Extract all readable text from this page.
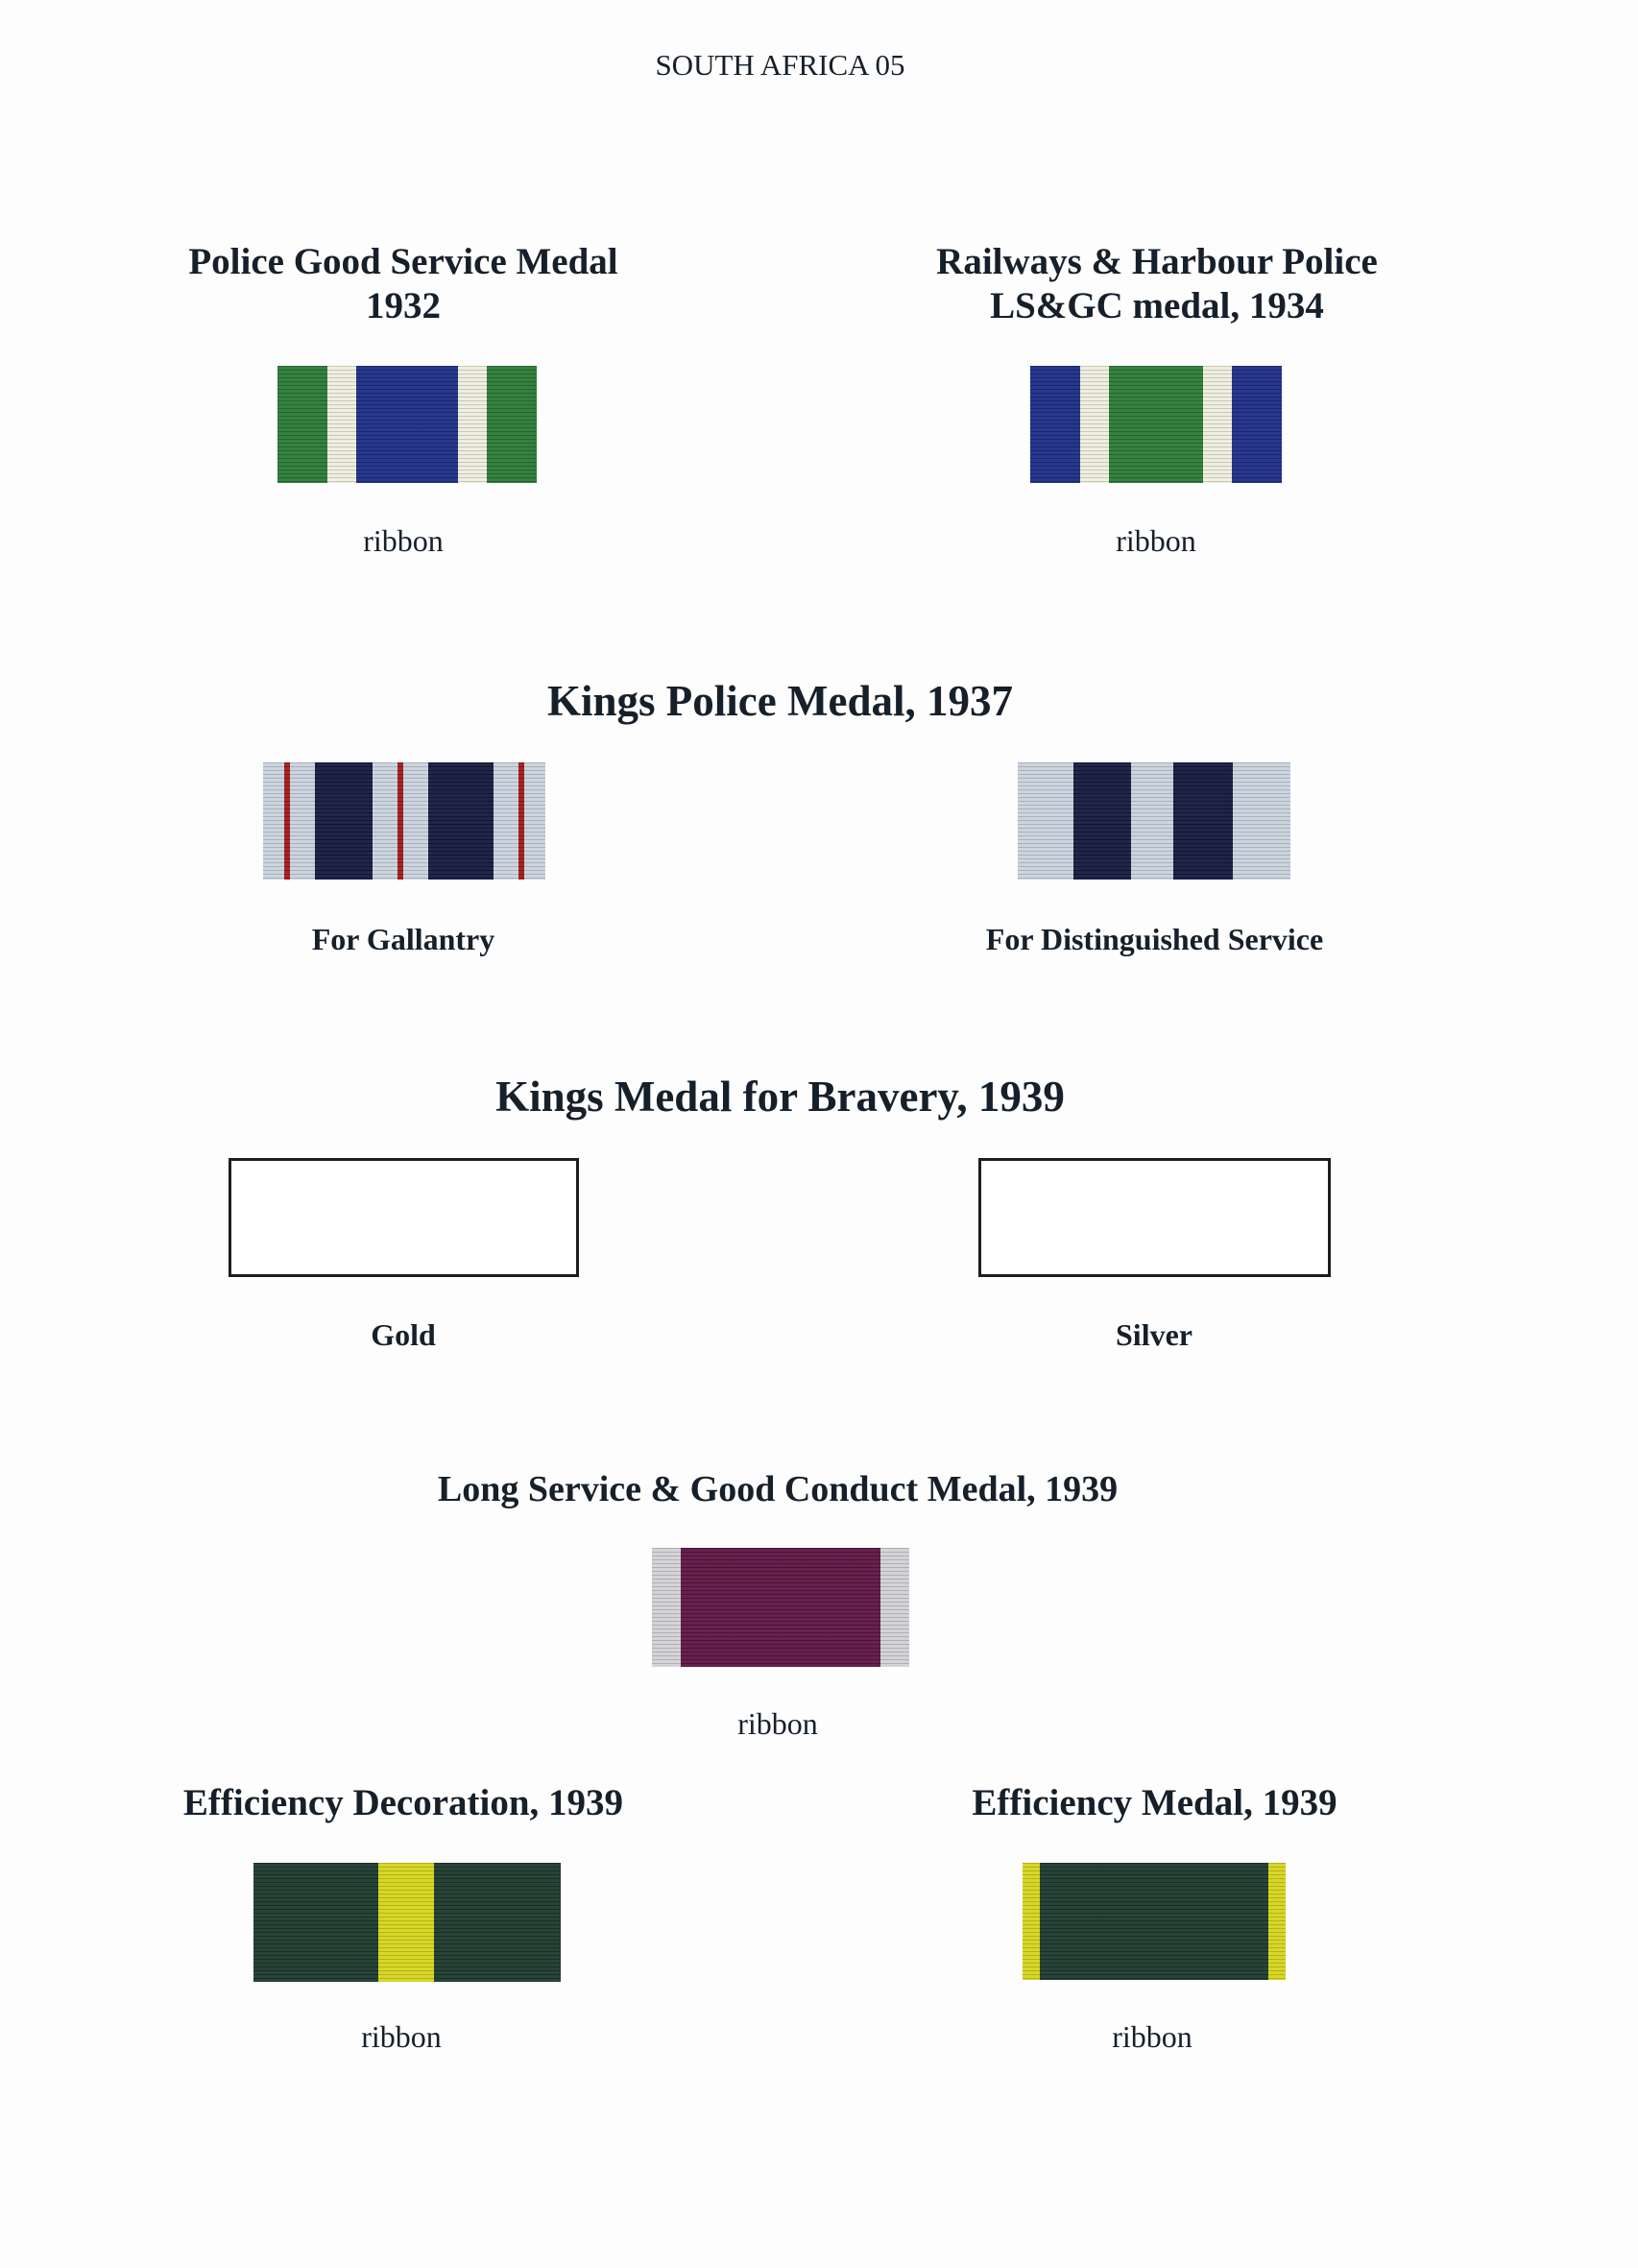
SOUTH AFRICA 05
Police Good Service Medal
1932
ribbon
Railways & Harbour Police
LS&GC medal, 1934
ribbon
Kings Police Medal, 1937
For Gallantry	For Distinguished Service
Kings Medal for Bravery, 1939
Gold	Silver
Long Service & Good Conduct Medal, 1939
ribbon
Efficiency Decoration, 1939
ribbon
Efficiency Medal, 1939
ribbon
